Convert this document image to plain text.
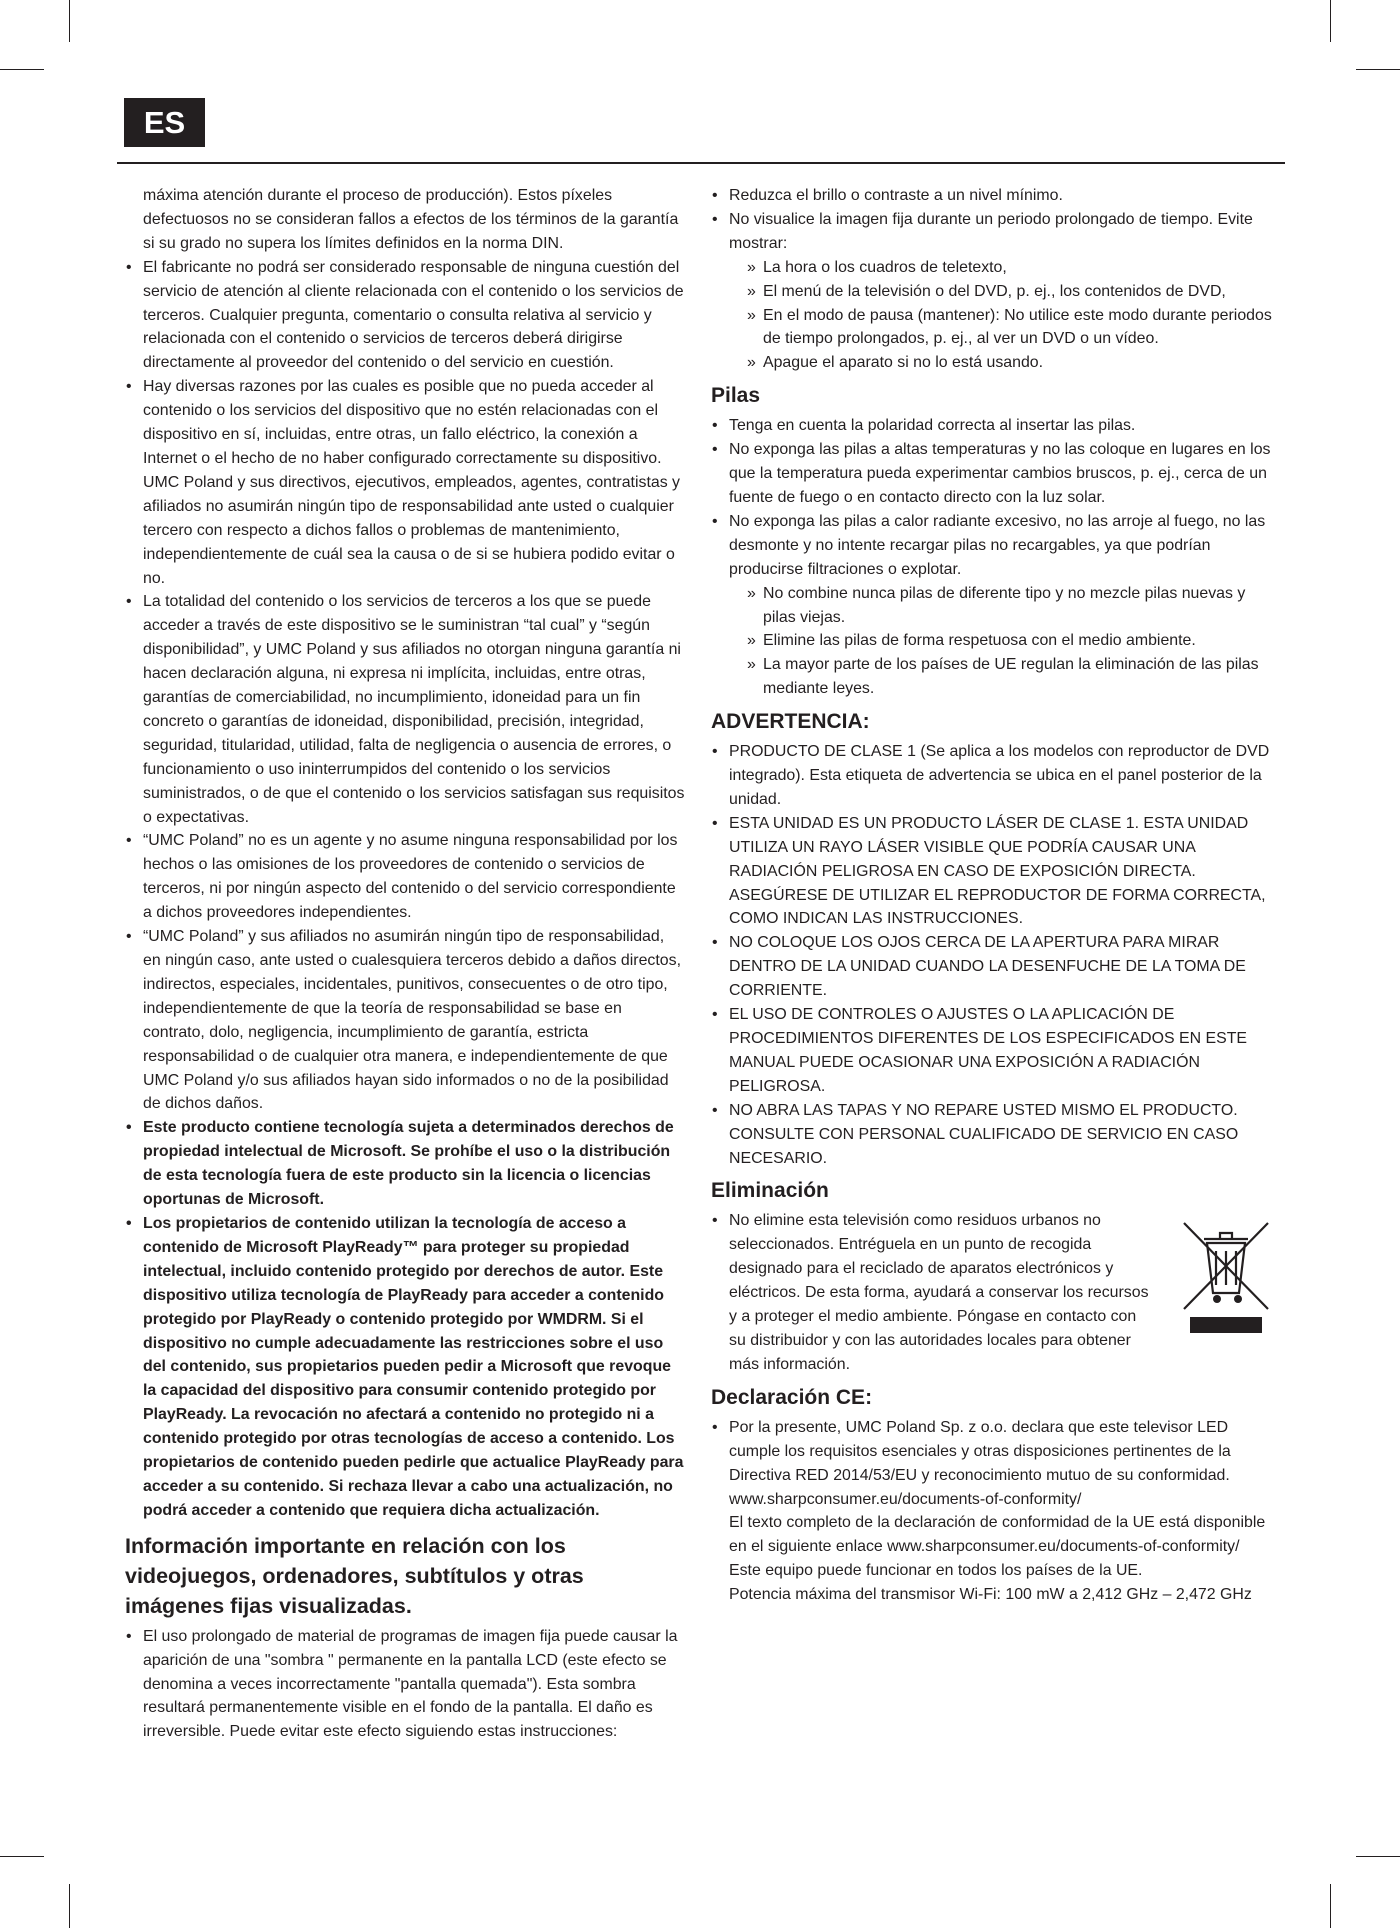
ES
máxima atención durante el proceso de producción). Estos píxeles defectuosos no se consideran fallos a efectos de los términos de la garantía si su grado no supera los límites definidos en la norma DIN.
• El fabricante no podrá ser considerado responsable de ninguna cuestión del servicio de atención al cliente relacionada con el contenido o los servicios de terceros. Cualquier pregunta, comentario o consulta relativa al servicio y relacionada con el contenido o servicios de terceros deberá dirigirse directamente al proveedor del contenido o del servicio en cuestión.
• Hay diversas razones por las cuales es posible que no pueda acceder al contenido o los servicios del dispositivo que no estén relacionadas con el dispositivo en sí, incluidas, entre otras, un fallo eléctrico, la conexión a Internet o el hecho de no haber configurado correctamente su dispositivo. UMC Poland y sus directivos, ejecutivos, empleados, agentes, contratistas y afiliados no asumirán ningún tipo de responsabilidad ante usted o cualquier tercero con respecto a dichos fallos o problemas de mantenimiento, independientemente de cuál sea la causa o de si se hubiera podido evitar o no.
• La totalidad del contenido o los servicios de terceros a los que se puede acceder a través de este dispositivo se le suministran “tal cual” y “según disponibilidad”, y UMC Poland y sus afiliados no otorgan ninguna garantía ni hacen declaración alguna, ni expresa ni implícita, incluidas, entre otras, garantías de comerciabilidad, no incumplimiento, idoneidad para un fin concreto o garantías de idoneidad, disponibilidad, precisión, integridad, seguridad, titularidad, utilidad, falta de negligencia o ausencia de errores, o funcionamiento o uso ininterrumpidos del contenido o los servicios suministrados, o de que el contenido o los servicios satisfagan sus requisitos o expectativas.
• “UMC Poland” no es un agente y no asume ninguna responsabilidad por los hechos o las omisiones de los proveedores de contenido o servicios de terceros, ni por ningún aspecto del contenido o del servicio correspondiente a dichos proveedores independientes.
• “UMC Poland” y sus afiliados no asumirán ningún tipo de responsabilidad, en ningún caso, ante usted o cualesquiera terceros debido a daños directos, indirectos, especiales, incidentales, punitivos, consecuentes o de otro tipo, independientemente de que la teoría de responsabilidad se base en contrato, dolo, negligencia, incumplimiento de garantía, estricta responsabilidad o de cualquier otra manera, e independientemente de que UMC Poland y/o sus afiliados hayan sido informados o no de la posibilidad de dichos daños.
• Este producto contiene tecnología sujeta a determinados derechos de propiedad intelectual de Microsoft. Se prohíbe el uso o la distribución de esta tecnología fuera de este producto sin la licencia o licencias oportunas de Microsoft.
• Los propietarios de contenido utilizan la tecnología de acceso a contenido de Microsoft PlayReady™ para proteger su propiedad intelectual, incluido contenido protegido por derechos de autor. Este dispositivo utiliza tecnología de PlayReady para acceder a contenido protegido por PlayReady o contenido protegido por WMDRM. Si el dispositivo no cumple adecuadamente las restricciones sobre el uso del contenido, sus propietarios pueden pedir a Microsoft que revoque la capacidad del dispositivo para consumir contenido protegido por PlayReady. La revocación no afectará a contenido no protegido ni a contenido protegido por otras tecnologías de acceso a contenido. Los propietarios de contenido pueden pedirle que actualice PlayReady para acceder a su contenido. Si rechaza llevar a cabo una actualización, no podrá acceder a contenido que requiera dicha actualización.
Información importante en relación con los videojuegos, ordenadores, subtítulos y otras imágenes fijas visualizadas.
• El uso prolongado de material de programas de imagen fija puede causar la aparición de una "sombra " permanente en la pantalla LCD (este efecto se denomina a veces incorrectamente "pantalla quemada"). Esta sombra resultará permanentemente visible en el fondo de la pantalla. El daño es irreversible. Puede evitar este efecto siguiendo estas instrucciones:
• Reduzca el brillo o contraste a un nivel mínimo.
• No visualice la imagen fija durante un periodo prolongado de tiempo. Evite mostrar:
» La hora o los cuadros de teletexto,
» El menú de la televisión o del DVD, p. ej., los contenidos de DVD,
» En el modo de pausa (mantener): No utilice este modo durante periodos de tiempo prolongados, p. ej., al ver un DVD o un vídeo.
» Apague el aparato si no lo está usando.
Pilas
• Tenga en cuenta la polaridad correcta al insertar las pilas.
• No exponga las pilas a altas temperaturas y no las coloque en lugares en los que la temperatura pueda experimentar cambios bruscos, p. ej., cerca de un fuente de fuego o en contacto directo con la luz solar.
• No exponga las pilas a calor radiante excesivo, no las arroje al fuego, no las desmonte y no intente recargar pilas no recargables, ya que podrían producirse filtraciones o explotar.
» No combine nunca pilas de diferente tipo y no mezcle pilas nuevas y pilas viejas.
» Elimine las pilas de forma respetuosa con el medio ambiente.
» La mayor parte de los países de UE regulan la eliminación de las pilas mediante leyes.
ADVERTENCIA:
• PRODUCTO DE CLASE 1 (Se aplica a los modelos con reproductor de DVD integrado). Esta etiqueta de advertencia se ubica en el panel posterior de la unidad.
• ESTA UNIDAD ES UN PRODUCTO LÁSER DE CLASE 1. ESTA UNIDAD UTILIZA UN RAYO LÁSER VISIBLE QUE PODRÍA CAUSAR UNA RADIACIÓN PELIGROSA EN CASO DE EXPOSICIÓN DIRECTA. ASEGÚRESE DE UTILIZAR EL REPRODUCTOR DE FORMA CORRECTA, COMO INDICAN LAS INSTRUCCIONES.
• NO COLOQUE LOS OJOS CERCA DE LA APERTURA PARA MIRAR DENTRO DE LA UNIDAD CUANDO LA DESENFUCHE DE LA TOMA DE CORRIENTE.
• EL USO DE CONTROLES O AJUSTES O LA APLICACIÓN DE PROCEDIMIENTOS DIFERENTES DE LOS ESPECIFICADOS EN ESTE MANUAL PUEDE OCASIONAR UNA EXPOSICIÓN A RADIACIÓN PELIGROSA.
• NO ABRA LAS TAPAS Y NO REPARE USTED MISMO EL PRODUCTO. CONSULTE CON PERSONAL CUALIFICADO DE SERVICIO EN CASO NECESARIO.
Eliminación
• No elimine esta televisión como residuos urbanos no seleccionados. Entréguela en un punto de recogida designado para el reciclado de aparatos electrónicos y eléctricos. De esta forma, ayudará a conservar los recursos y a proteger el medio ambiente. Póngase en contacto con su distribuidor y con las autoridades locales para obtener más información.
Declaración CE:
• Por la presente, UMC Poland Sp. z o.o. declara que este televisor LED cumple los requisitos esenciales y otras disposiciones pertinentes de la Directiva RED 2014/53/EU y reconocimiento mutuo de su conformidad.
www.sharpconsumer.eu/documents-of-conformity/
El texto completo de la declaración de conformidad de la UE está disponible en el siguiente enlace www.sharpconsumer.eu/documents-of-conformity/
Este equipo puede funcionar en todos los países de la UE.
Potencia máxima del transmisor Wi-Fi: 100 mW a 2,412 GHz – 2,472 GHz
